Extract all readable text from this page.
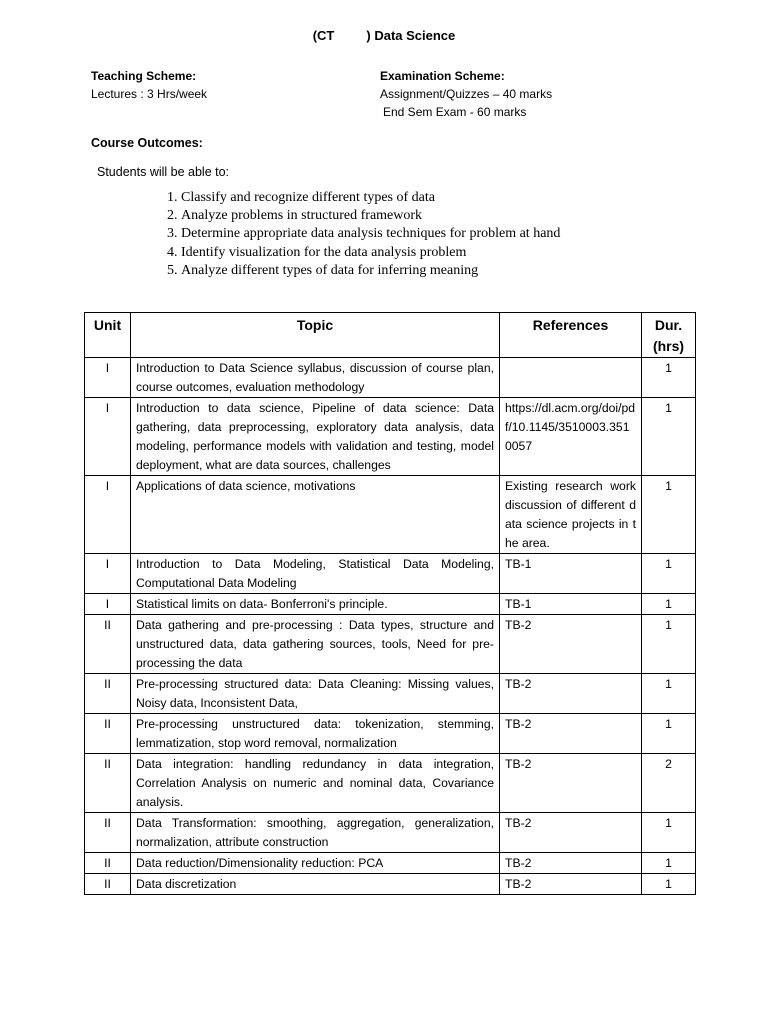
(CT ) Data Science
Teaching Scheme:
Lectures : 3 Hrs/week
Examination Scheme:
Assignment/Quizzes – 40 marks
End Sem Exam - 60 marks
Course Outcomes:
Students will be able to:
1. Classify and recognize different types of data
2. Analyze problems in structured framework
3. Determine appropriate data analysis techniques for problem at hand
4. Identify visualization for the data analysis problem
5. Analyze different types of data for inferring meaning
Unit	Topic	References	Dur. (hrs)
I	Introduction to Data Science syllabus, discussion of course plan, course outcomes, evaluation methodology		1
I	Introduction to data science, Pipeline of data science: Data gathering, data preprocessing, exploratory data analysis, data modeling, performance models with validation and testing, model deployment, what are data sources, challenges	https://dl.acm.org/doi/pdf/10.1145/3510003.3510057	1
I	Applications of data science, motivations	Existing research work discussion of different data science projects in the area.	1
I	Introduction to Data Modeling, Statistical Data Modeling, Computational Data Modeling	TB-1	1
I	Statistical limits on data- Bonferroni's principle.	TB-1	1
II	Data gathering and pre-processing : Data types, structure and unstructured data, data gathering sources, tools, Need for pre-processing the data	TB-2	1
II	Pre-processing structured data: Data Cleaning: Missing values, Noisy data, Inconsistent Data,	TB-2	1
II	Pre-processing unstructured data: tokenization, stemming, lemmatization, stop word removal, normalization	TB-2	1
II	Data integration: handling redundancy in data integration, Correlation Analysis on numeric and nominal data, Covariance analysis.	TB-2	2
II	Data Transformation: smoothing, aggregation, generalization, normalization, attribute construction	TB-2	1
II	Data reduction/Dimensionality reduction: PCA	TB-2	1
II	Data discretization	TB-2	1
